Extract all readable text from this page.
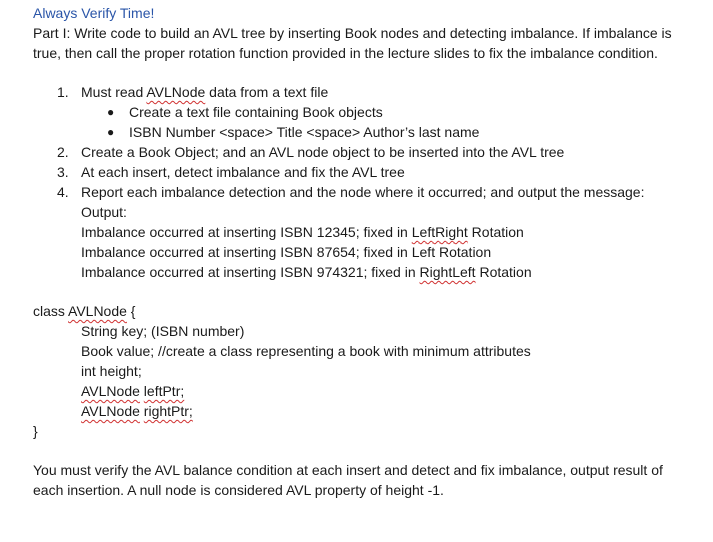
Always Verify Time!

Part I: Write code to build an AVL tree by inserting Book nodes and detecting imbalance. If imbalance is true, then call the proper rotation function provided in the lecture slides to fix the imbalance condition.

1. Must read AVLNode data from a text file
● Create a text file containing Book objects
● ISBN Number <space> Title <space> Author’s last name
2. Create a Book Object; and an AVL node object to be inserted into the AVL tree
3. At each insert, detect imbalance and fix the AVL tree
4. Report each imbalance detection and the node where it occurred; and output the message:
Output:
Imbalance occurred at inserting ISBN 12345; fixed in LeftRight Rotation
Imbalance occurred at inserting ISBN 87654; fixed in Left Rotation
Imbalance occurred at inserting ISBN 974321; fixed in RightLeft Rotation
class AVLNode {
String key; (ISBN number)
Book value; //create a class representing a book with minimum attributes
int height;
AVLNode leftPtr;
AVLNode rightPtr;
}

You must verify the AVL balance condition at each insert and detect and fix imbalance, output result of each insertion. A null node is considered AVL property of height -1.
